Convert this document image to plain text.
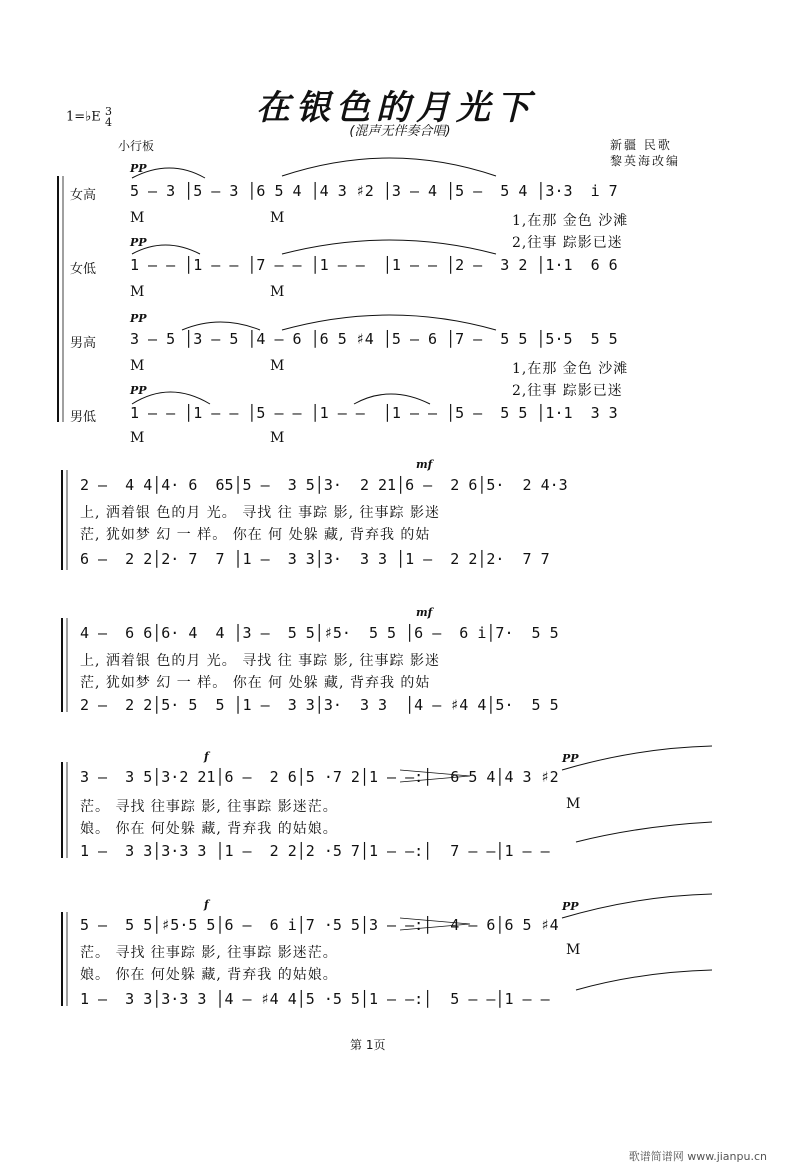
在银色的月光下
(混声无伴奏合唱)
1=♭E 3
4
小行板	新疆 民歌
黎英海改编
PP
女高 5 – 3 │5 – 3 │6 5 4 │4 3 ♯2 │3 – 4 │5 –  5 4 │3·3  i 7
M	M	1,在那 金色 沙滩
2,往事 踪影已迷
PP
女低 1 – – │1 – – │7 – – │1 – –  │1 – – │2 –  3 2 │1·1  6 6
M	M
PP
男高 3 – 5 │3 – 5 │4 – 6 │6 5 ♯4 │5 – 6 │7 –  5 5 │5·5  5 5
M	M	1,在那 金色 沙滩
2,往事 踪影已迷
PP
男低 1 – – │1 – – │5 – – │1 – –  │1 – – │5 –  5 5 │1·1  3 3
M	M
mf
2 –  4 4│4· 6  65│5 –  3 5│3·  2 21│6 –  2 6│5·  2 4·3
上, 洒着银 色的月 光。 寻找 往 事踪 影, 往事踪 影迷
茫, 犹如梦 幻 一 样。 你在 何 处躲 藏, 背弃我 的姑
6 –  2 2│2· 7  7 │1 –  3 3│3·  3 3 │1 –  2 2│2·  7 7
mf
4 –  6 6│6· 4  4 │3 –  5 5│♯5·  5 5 │6 –  6 i│7·  5 5
上, 洒着银 色的月 光。 寻找 往 事踪 影, 往事踪 影迷
茫, 犹如梦 幻 一 样。 你在 何 处躲 藏, 背弃我 的姑
2 –  2 2│5· 5  5 │1 –  3 3│3·  3 3  │4 – ♯4 4│5·  5 5
f	PP
3 –  3 5│3·2 21│6 –  2 6│5 ·7 2│1 – –:│  6 5 4│4 3 ♯2
茫。 寻找 往事踪 影, 往事踪 影迷茫。	M
娘。 你在 何处躲 藏, 背弃我 的姑娘。
1 –  3 3│3·3 3 │1 –  2 2│2 ·5 7│1 – –:│  7 – –│1 – –
f	PP
5 –  5 5│♯5·5 5│6 –  6 i│7 ·5 5│3 – –:│  4 – 6│6 5 ♯4
茫。 寻找 往事踪 影, 往事踪 影迷茫。	M
娘。 你在 何处躲 藏, 背弃我 的姑娘。
1 –  3 3│3·3 3 │4 – ♯4 4│5 ·5 5│1 – –:│  5 – –│1 – –
第 1页
歌谱简谱网 www.jianpu.cn
